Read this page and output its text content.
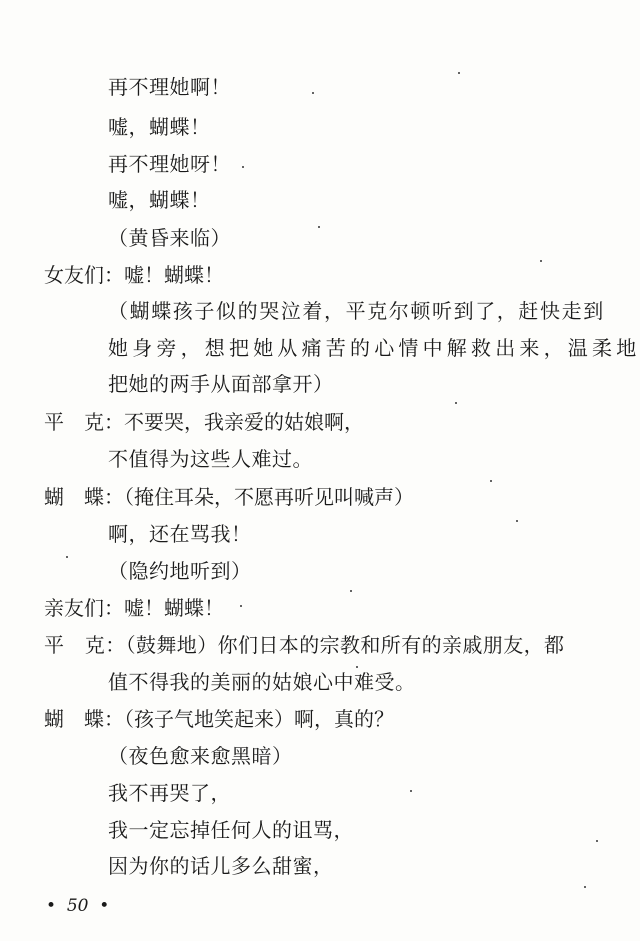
再不理她啊！
嘘，蝴蝶！
再不理她呀！
嘘，蝴蝶！
（黄昏来临）
女友们：嘘！蝴蝶！
（蝴蝶孩子似的哭泣着，平克尔顿听到了，赶快走到
她身旁，想把她从痛苦的心情中解救出来，温柔地
把她的两手从面部拿开）
平　克：不要哭，我亲爱的姑娘啊，
不值得为这些人难过。
蝴　蝶：（掩住耳朵，不愿再听见叫喊声）
啊，还在骂我！
（隐约地听到）
亲友们：嘘！蝴蝶！
平　克：（鼓舞地）你们日本的宗教和所有的亲戚朋友，都
值不得我的美丽的姑娘心中难受。
蝴　蝶：（孩子气地笑起来）啊，真的？
（夜色愈来愈黑暗）
我不再哭了，
我一定忘掉任何人的诅骂，
因为你的话儿多么甜蜜，
•  50  •
